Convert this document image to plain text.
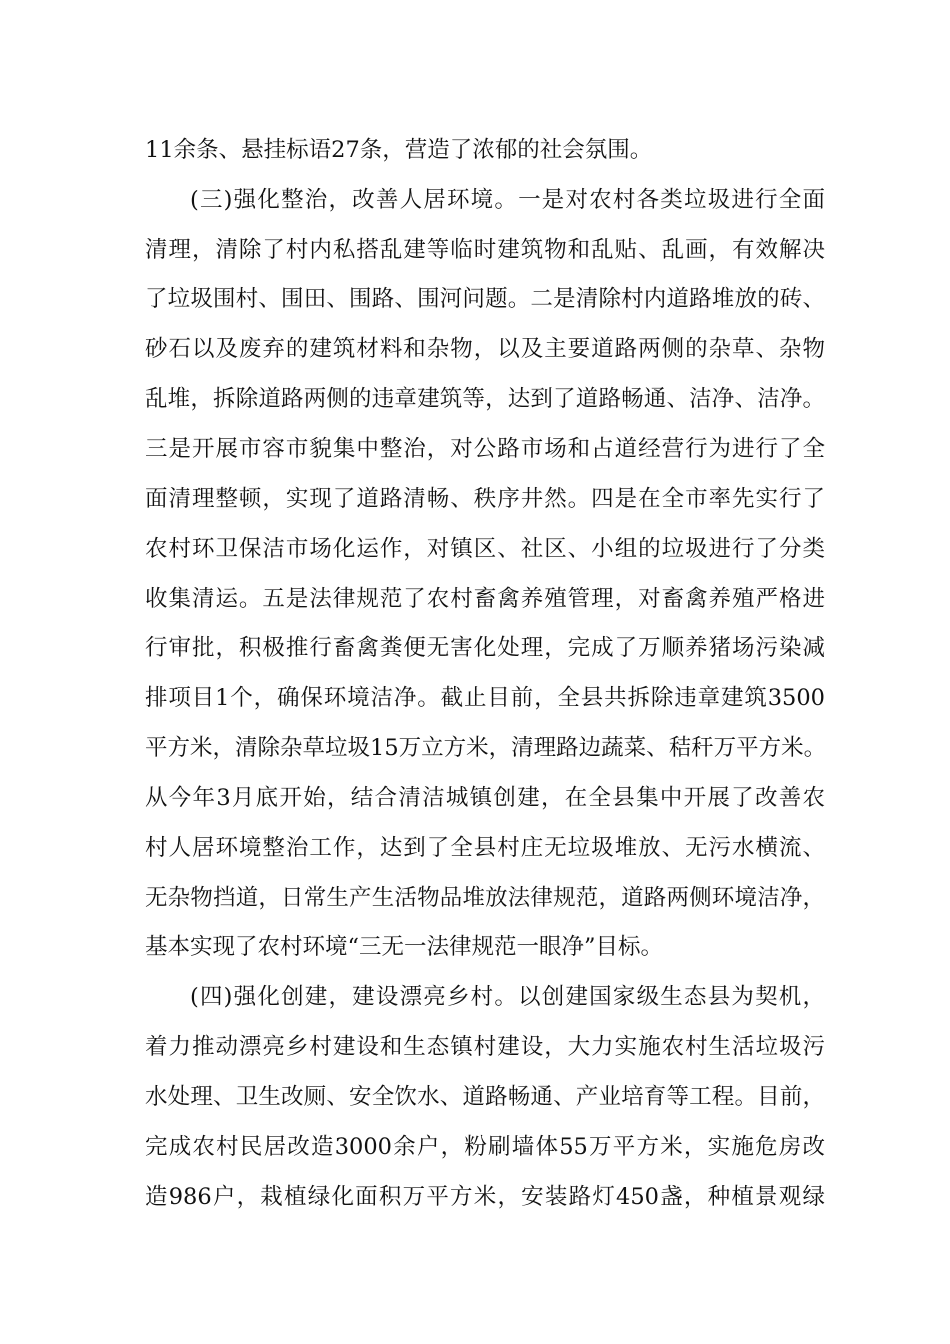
11余条、悬挂标语27条，营造了浓郁的社会氛围。
(三)强化整治，改善人居环境。一是对农村各类垃圾进行全面
清理，清除了村内私搭乱建等临时建筑物和乱贴、乱画，有效解决
了垃圾围村、围田、围路、围河问题。二是清除村内道路堆放的砖、
砂石以及废弃的建筑材料和杂物，以及主要道路两侧的杂草、杂物
乱堆，拆除道路两侧的违章建筑等，达到了道路畅通、洁净、洁净。
三是开展市容市貌集中整治，对公路市场和占道经营行为进行了全
面清理整顿，实现了道路清畅、秩序井然。四是在全市率先实行了
农村环卫保洁市场化运作，对镇区、社区、小组的垃圾进行了分类
收集清运。五是法律规范了农村畜禽养殖管理，对畜禽养殖严格进
行审批，积极推行畜禽粪便无害化处理，完成了万顺养猪场污染减
排项目1个，确保环境洁净。截止目前，全县共拆除违章建筑3500
平方米，清除杂草垃圾15万立方米，清理路边蔬菜、秸秆万平方米。
从今年3月底开始，结合清洁城镇创建，在全县集中开展了改善农
村人居环境整治工作，达到了全县村庄无垃圾堆放、无污水横流、
无杂物挡道，日常生产生活物品堆放法律规范，道路两侧环境洁净，
基本实现了农村环境“三无一法律规范一眼净”目标。
(四)强化创建，建设漂亮乡村。以创建国家级生态县为契机，
着力推动漂亮乡村建设和生态镇村建设，大力实施农村生活垃圾污
水处理、卫生改厕、安全饮水、道路畅通、产业培育等工程。目前，
完成农村民居改造3000余户，粉刷墙体55万平方米，实施危房改
造986户，栽植绿化面积万平方米，安装路灯450盏，种植景观绿
